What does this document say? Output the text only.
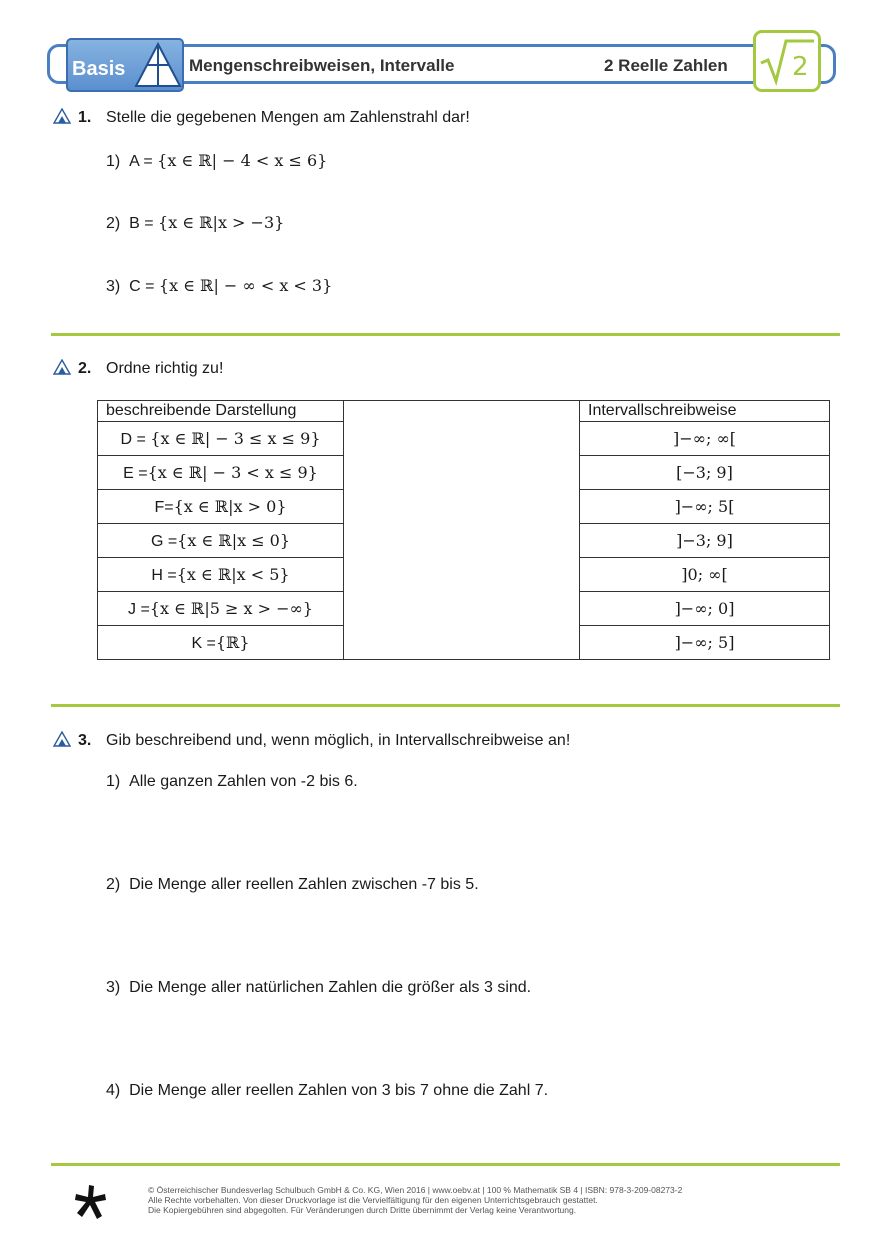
Basis	Mengenschreibweisen, Intervalle	2 Reelle Zahlen 2
1. Stelle die gegebenen Mengen am Zahlenstrahl dar!
1) A = {x ∈ ℝ| − 4 < x ≤ 6}
2) B = {x ∈ ℝ|x > −3}
3) C = {x ∈ ℝ| − ∞ < x < 3}
2. Ordne richtig zu!
beschreibende Darstellung		Intervallschreibweise
D = {x ∈ ℝ| − 3 ≤ x ≤ 9}		]−∞; ∞[
E ={x ∈ ℝ| − 3 < x ≤ 9}		[−3; 9]
F={x ∈ ℝ|x > 0}		]−∞; 5[
G ={x ∈ ℝ|x ≤ 0}		]−3; 9]
H ={x ∈ ℝ|x < 5}		]0; ∞[
J ={x ∈ ℝ|5 ≥ x > −∞}		]−∞; 0]
K ={ℝ}		]−∞; 5]
3. Gib beschreibend und, wenn möglich, in Intervallschreibweise an!
1) Alle ganzen Zahlen von -2 bis 6.
2) Die Menge aller reellen Zahlen zwischen -7 bis 5.
3) Die Menge aller natürlichen Zahlen die größer als 3 sind.
4) Die Menge aller reellen Zahlen von 3 bis 7 ohne die Zahl 7.
© Österreichischer Bundesverlag Schulbuch GmbH & Co. KG, Wien 2016 | www.oebv.at | 100 % Mathematik SB 4 | ISBN: 978-3-209-08273-2
Alle Rechte vorbehalten. Von dieser Druckvorlage ist die Vervielfältigung für den eigenen Unterrichtsgebrauch gestattet.
Die Kopiergebühren sind abgegolten. Für Veränderungen durch Dritte übernimmt der Verlag keine Verantwortung.
